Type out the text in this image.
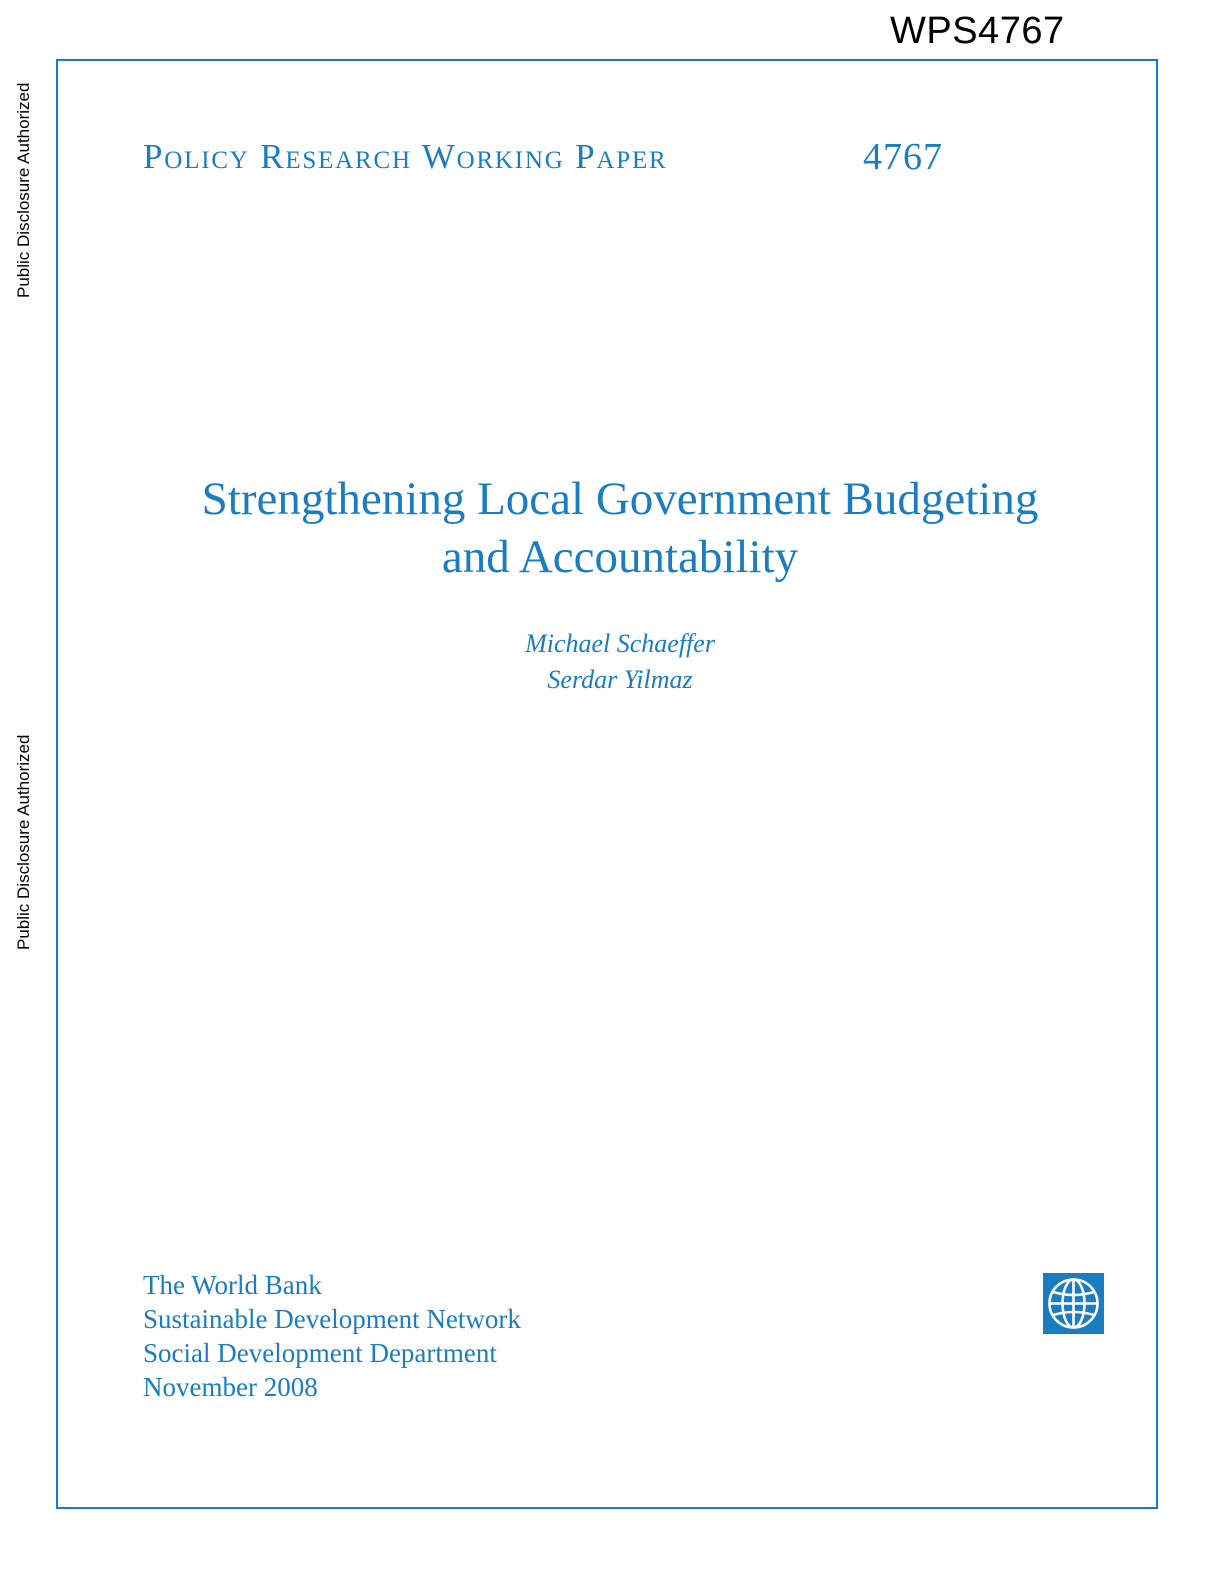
WPS4767
Public Disclosure Authorized
Public Disclosure Authorized
Policy Research Working Paper	4767
Strengthening Local Government Budgeting
and Accountability
Michael Schaeffer
Serdar Yilmaz
The World Bank
Sustainable Development Network
Social Development Department
November 2008
